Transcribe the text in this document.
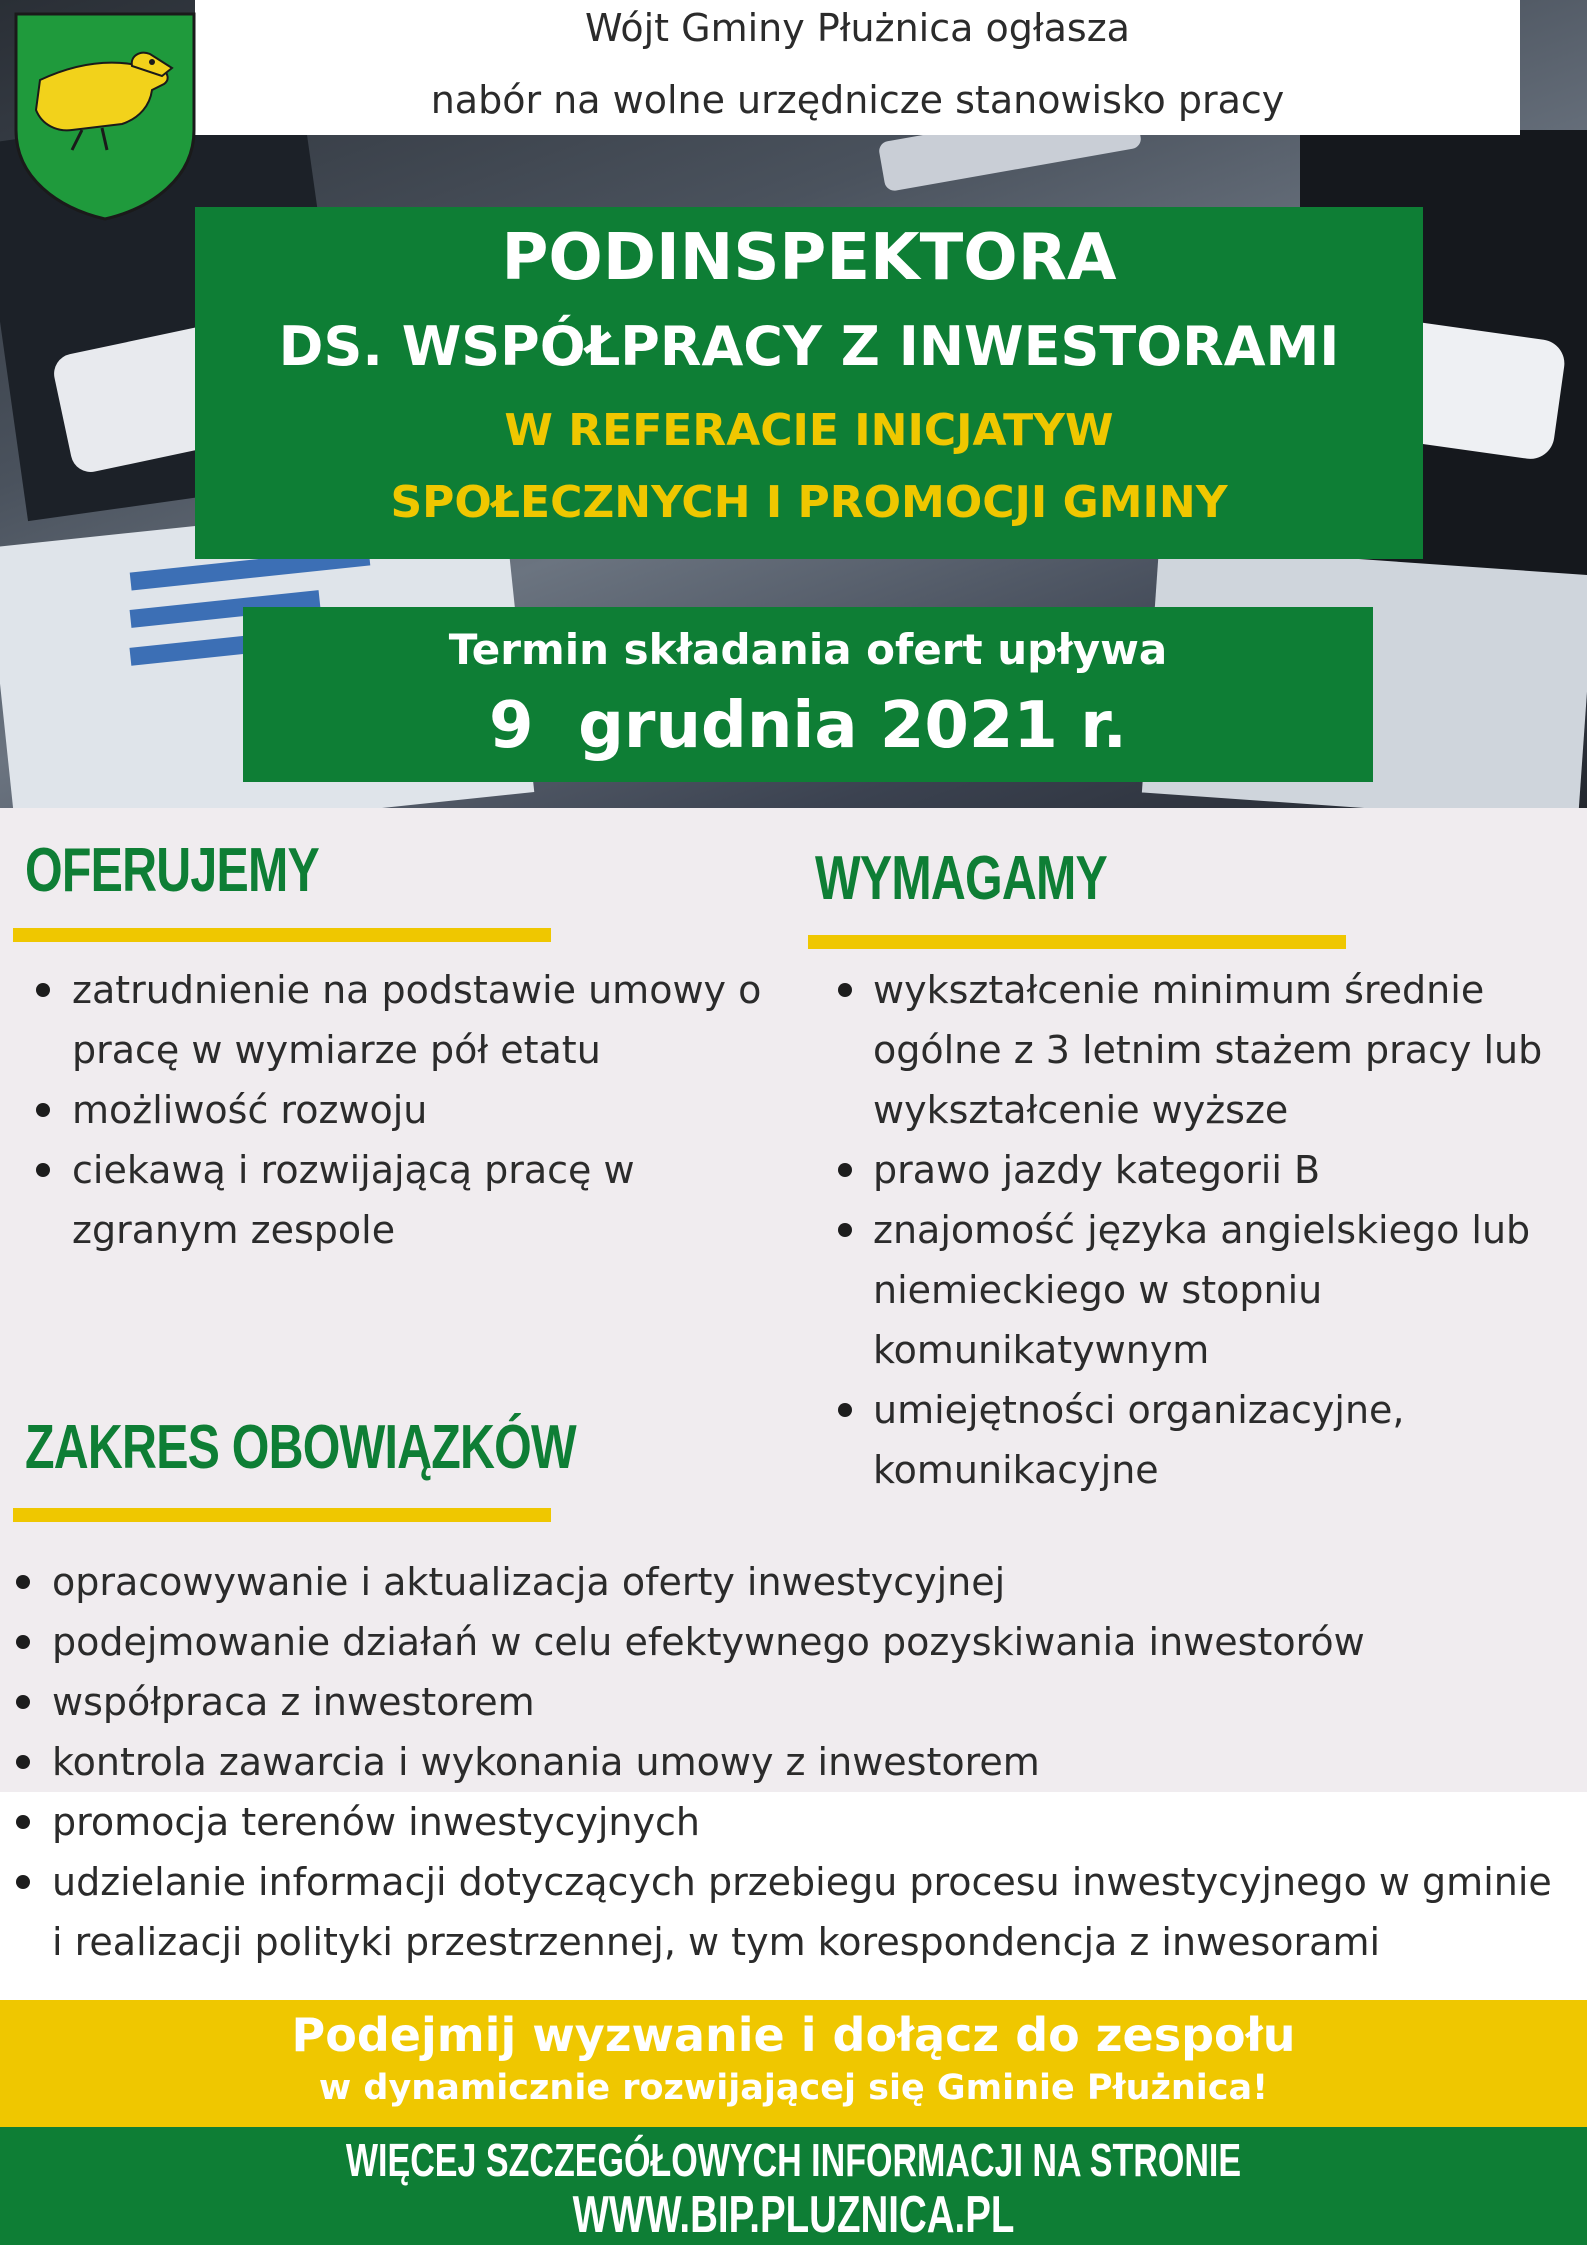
Wójt Gminy Płużnica ogłasza
nabór na wolne urzędnicze stanowisko pracy
PODINSPEKTORA
DS. WSPÓŁPRACY Z INWESTORAMI
W REFERACIE INICJATYW
SPOŁECZNYCH I PROMOCJI GMINY
Termin składania ofert upływa
9  grudnia 2021 r.
OFERUJEMY	WYMAGAMY
ZAKRES OBOWIĄZKÓW
Podejmij wyzwanie i dołącz do zespołu
w dynamicznie rozwijającej się Gminie Płużnica!
WIĘCEJ SZCZEGÓŁOWYCH INFORMACJI NA STRONIE
WWW.BIP.PLUZNICA.PL
zatrudnienie na podstawie umowy o
pracę w wymiarze pół etatu
możliwość rozwoju
ciekawą i rozwijającą pracę w
zgranym zespole
wykształcenie minimum średnie
ogólne z 3 letnim stażem pracy lub
wykształcenie wyższe
prawo jazdy kategorii B
znajomość języka angielskiego lub
niemieckiego w stopniu
komunikatywnym
umiejętności organizacyjne,
komunikacyjne
opracowywanie i aktualizacja oferty inwestycyjnej
podejmowanie działań w celu efektywnego pozyskiwania inwestorów
współpraca z inwestorem
kontrola zawarcia i wykonania umowy z inwestorem
promocja terenów inwestycyjnych
udzielanie informacji dotyczących przebiegu procesu inwestycyjnego w gminie
i realizacji polityki przestrzennej, w tym korespondencja z inwesorami
